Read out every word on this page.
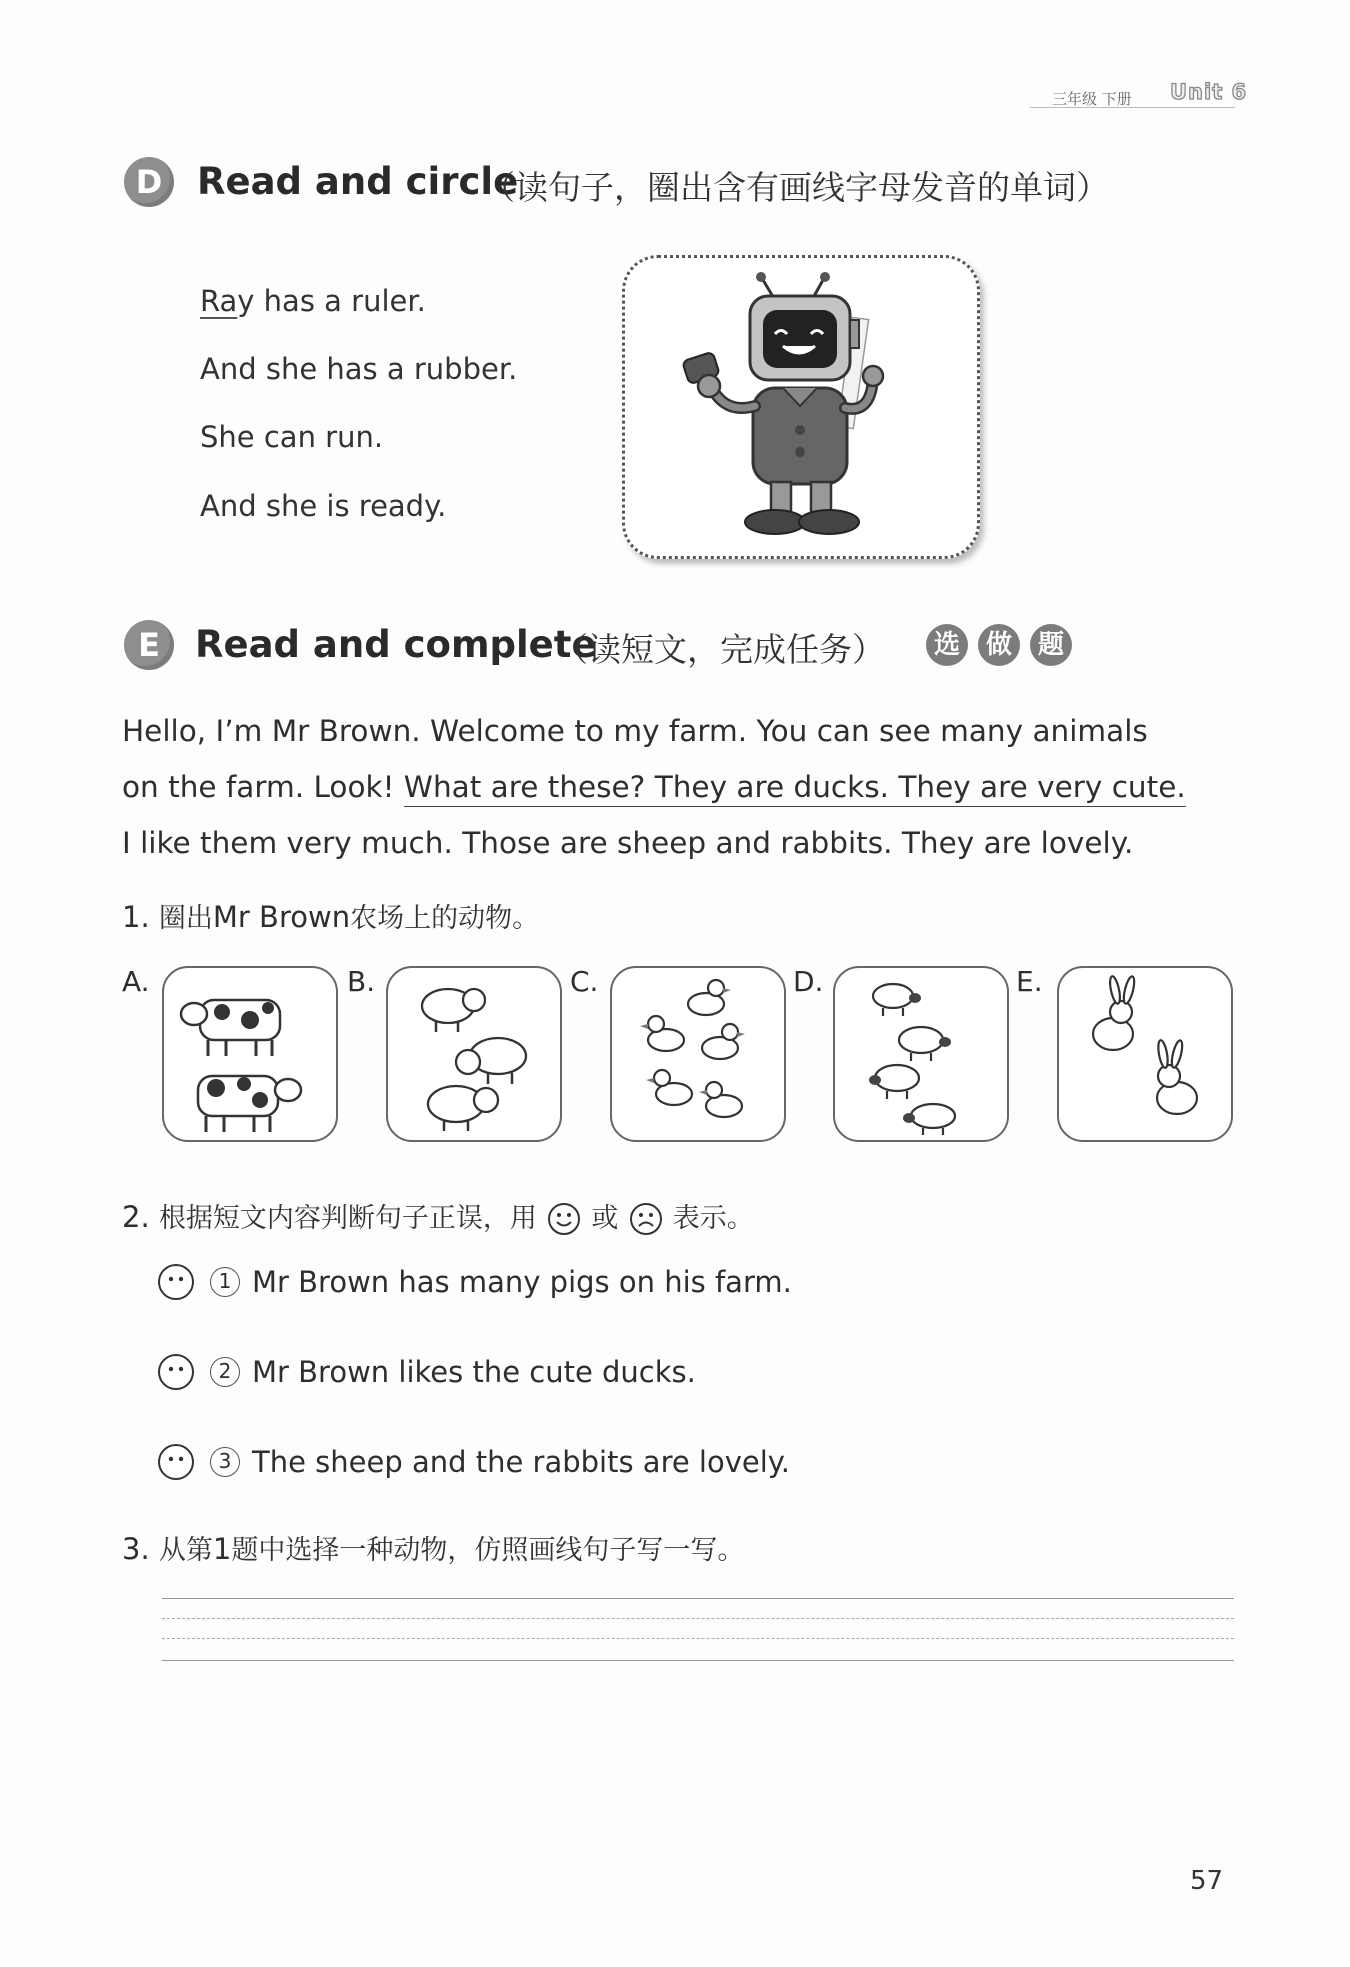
三年级 下册 Unit 6
D Read and circle
（读句子，圈出含有画线字母发音的单词）
Ray has a ruler.
And she has a rubber.
She can run.
And she is ready.
E Read and complete
（读短文，完成任务）	选 做 题
Hello, I’m Mr Brown. Welcome to my farm. You can see many animals
on the farm. Look! What are these? They are ducks. They are very cute.
I like them very much. Those are sheep and rabbits. They are lovely.
1. 圈出Mr Brown农场上的动物。
A.	B.	C.	D.	E.
2. 根据短文内容判断句子正误，用 或 表示。
1 Mr Brown has many pigs on his farm.
2 Mr Brown likes the cute ducks.
3 The sheep and the rabbits are lovely.
3. 从第1题中选择一种动物，仿照画线句子写一写。
57
